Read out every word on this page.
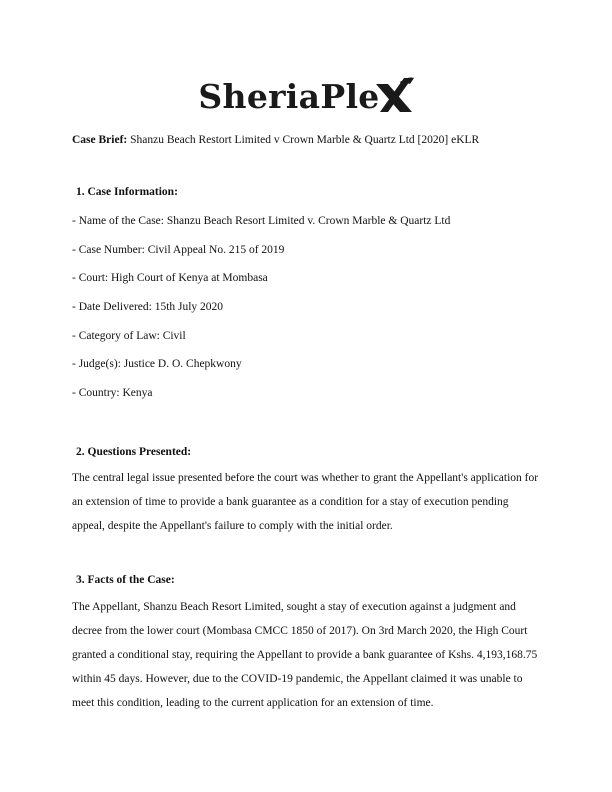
SheriaPle
Case Brief: Shanzu Beach Restort Limited v Crown Marble & Quartz Ltd [2020] eKLR
1. Case Information:
- Name of the Case: Shanzu Beach Resort Limited v. Crown Marble & Quartz Ltd
- Case Number: Civil Appeal No. 215 of 2019
- Court: High Court of Kenya at Mombasa
- Date Delivered: 15th July 2020
- Category of Law: Civil
- Judge(s): Justice D. O. Chepkwony
- Country: Kenya
2. Questions Presented:
The central legal issue presented before the court was whether to grant the Appellant's application for an extension of time to provide a bank guarantee as a condition for a stay of execution pending appeal, despite the Appellant's failure to comply with the initial order.
3. Facts of the Case:
The Appellant, Shanzu Beach Resort Limited, sought a stay of execution against a judgment and decree from the lower court (Mombasa CMCC 1850 of 2017). On 3rd March 2020, the High Court granted a conditional stay, requiring the Appellant to provide a bank guarantee of Kshs. 4,193,168.75 within 45 days. However, due to the COVID-19 pandemic, the Appellant claimed it was unable to meet this condition, leading to the current application for an extension of time.
